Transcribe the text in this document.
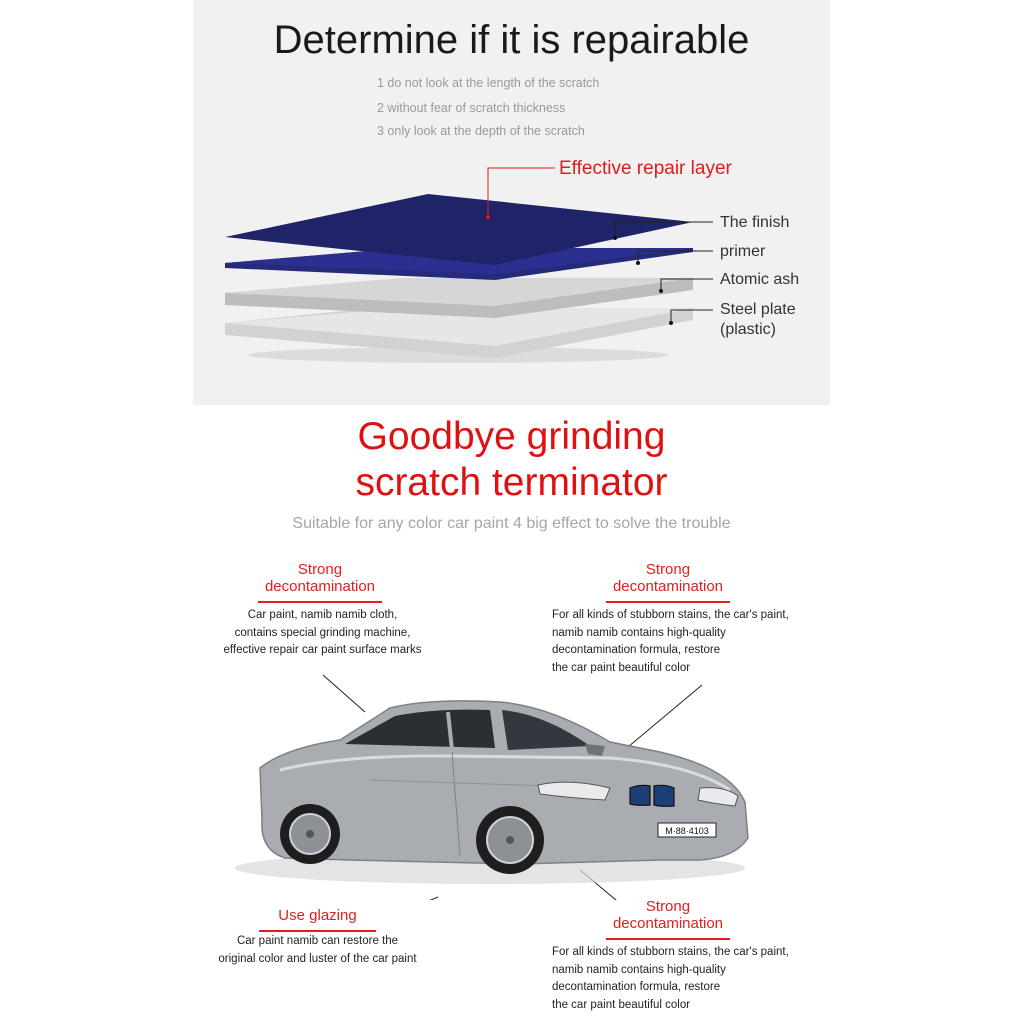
Determine if it is repairable
1 do not look at the length of the scratch
2 without fear of scratch thickness
3 only look at the depth of the scratch
Effective repair layer
The finish
primer
Atomic ash
Steel plate
(plastic)
Goodbye grinding
scratch terminator
Suitable for any color car paint 4 big effect to solve the trouble
Strong
decontamination
Car paint, namib namib cloth,
contains special grinding machine,
effective repair car paint surface marks
Strong
decontamination
For all kinds of stubborn stains, the car's paint,
namib namib contains high-quality
decontamination formula, restore
the car paint beautiful color
M·88·4103
Use glazing
Car paint namib can restore the
original color and luster of the car paint
Strong
decontamination
For all kinds of stubborn stains, the car's paint,
namib namib contains high-quality
decontamination formula, restore
the car paint beautiful color
